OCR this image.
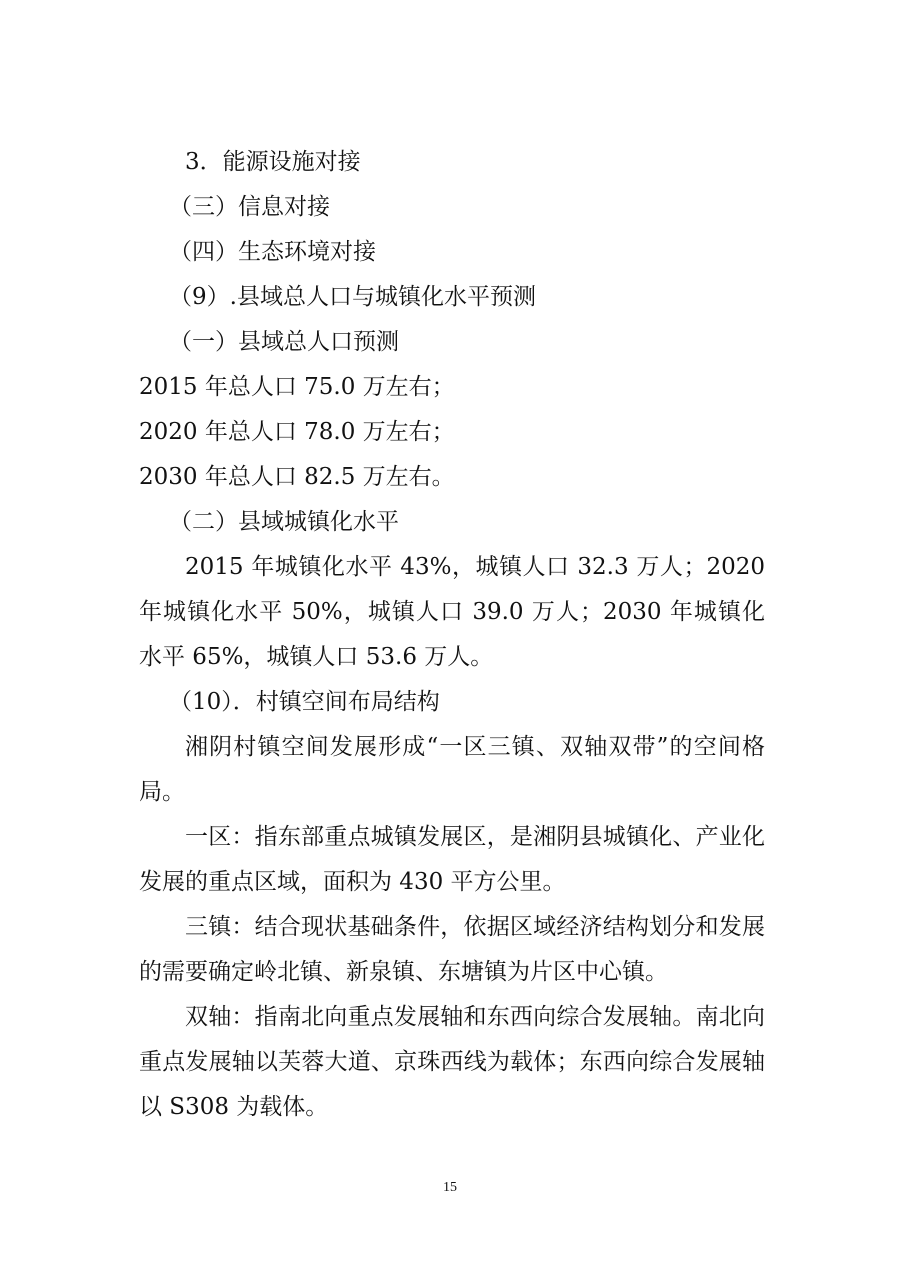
3．能源设施对接

（三）信息对接

（四）生态环境对接

（9）.县域总人口与城镇化水平预测

（一）县域总人口预测

2015 年总人口 75.0 万左右；

2020 年总人口 78.0 万左右；

2030 年总人口 82.5 万左右。

（二）县域城镇化水平

2015 年城镇化水平 43%，城镇人口 32.3 万人；2020 年城镇化水平 50%，城镇人口 39.0 万人；2030 年城镇化水平 65%，城镇人口 53.6 万人。

（10）．村镇空间布局结构

湘阴村镇空间发展形成“一区三镇、双轴双带”的空间格局。

一区：指东部重点城镇发展区，是湘阴县城镇化、产业化发展的重点区域，面积为 430 平方公里。

三镇：结合现状基础条件，依据区域经济结构划分和发展的需要确定岭北镇、新泉镇、东塘镇为片区中心镇。

双轴：指南北向重点发展轴和东西向综合发展轴。南北向重点发展轴以芙蓉大道、京珠西线为载体；东西向综合发展轴以 S308 为载体。

15
